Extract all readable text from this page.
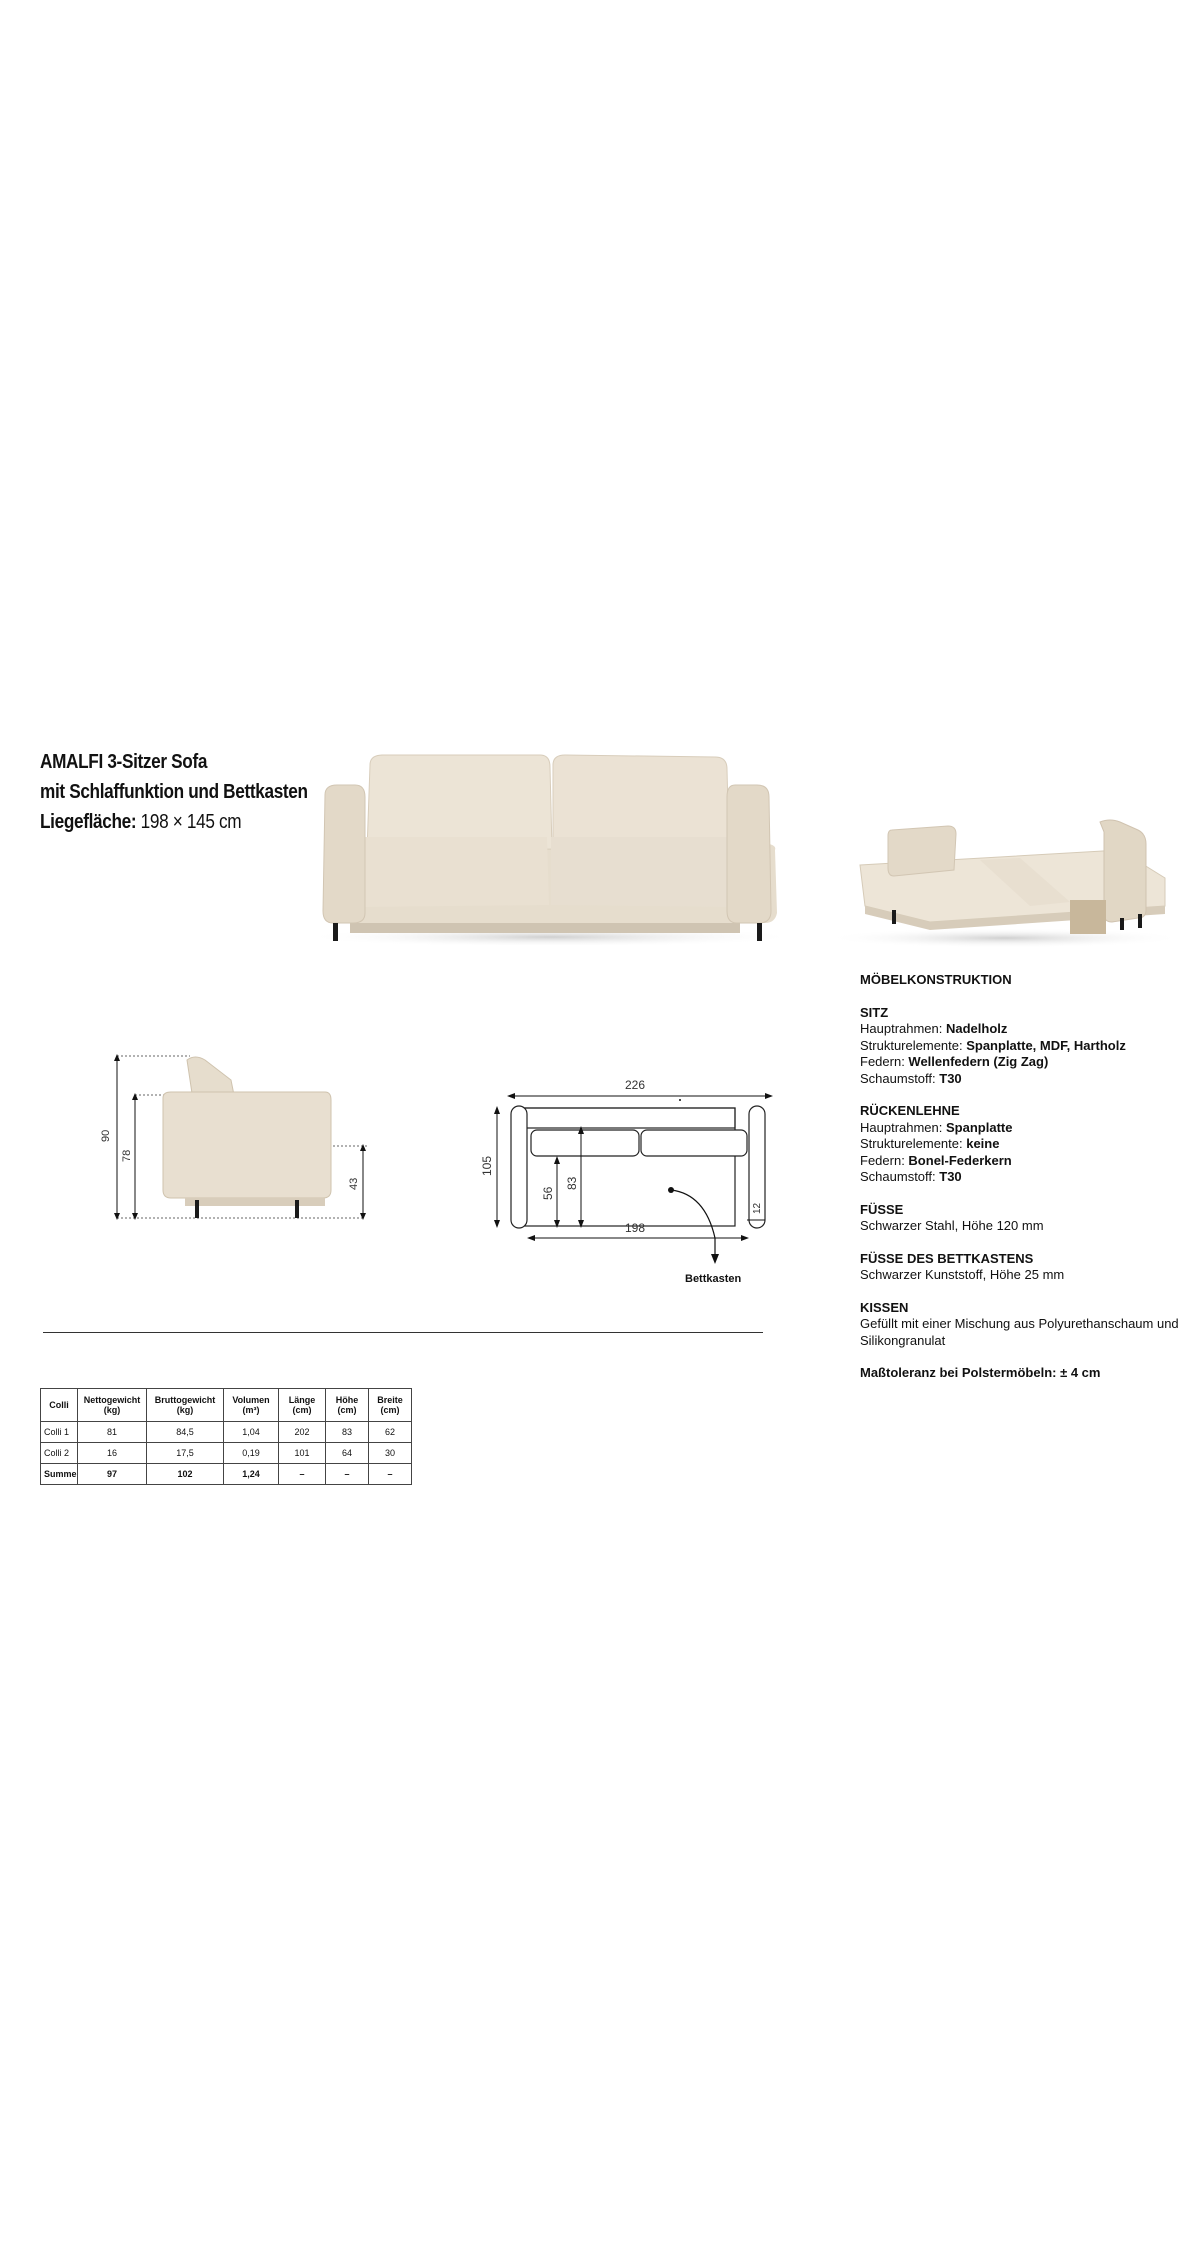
AMALFI 3-Sitzer Sofa
mit Schlaffunktion und Bettkasten
Liegefläche: 198 × 145 cm
90
78
43
226
105
56
83
12
198
Bettkasten
MÖBELKONSTRUKTION
SITZ
Hauptrahmen: Nadelholz
Strukturelemente: Spanplatte, MDF, Hartholz
Federn: Wellenfedern (Zig Zag)
Schaumstoff: T30
RÜCKENLEHNE
Hauptrahmen: Spanplatte
Strukturelemente: keine
Federn: Bonel-Federkern
Schaumstoff: T30
FÜSSE
Schwarzer Stahl, Höhe 120 mm
FÜSSE DES BETTKASTENS
Schwarzer Kunststoff, Höhe 25 mm
KISSEN
Gefüllt mit einer Mischung aus Polyurethanschaum und
Silikongranulat
Maßtoleranz bei Polstermöbeln: ± 4 cm
Colli	Nettogewicht (kg)	Bruttogewicht (kg)	Volumen (m³)	Länge (cm)	Höhe (cm)	Breite (cm)
Colli 1	81	84,5	1,04	202	83	62
Colli 2	16	17,5	0,19	101	64	30
Summe	97	102	1,24	–	–	–
